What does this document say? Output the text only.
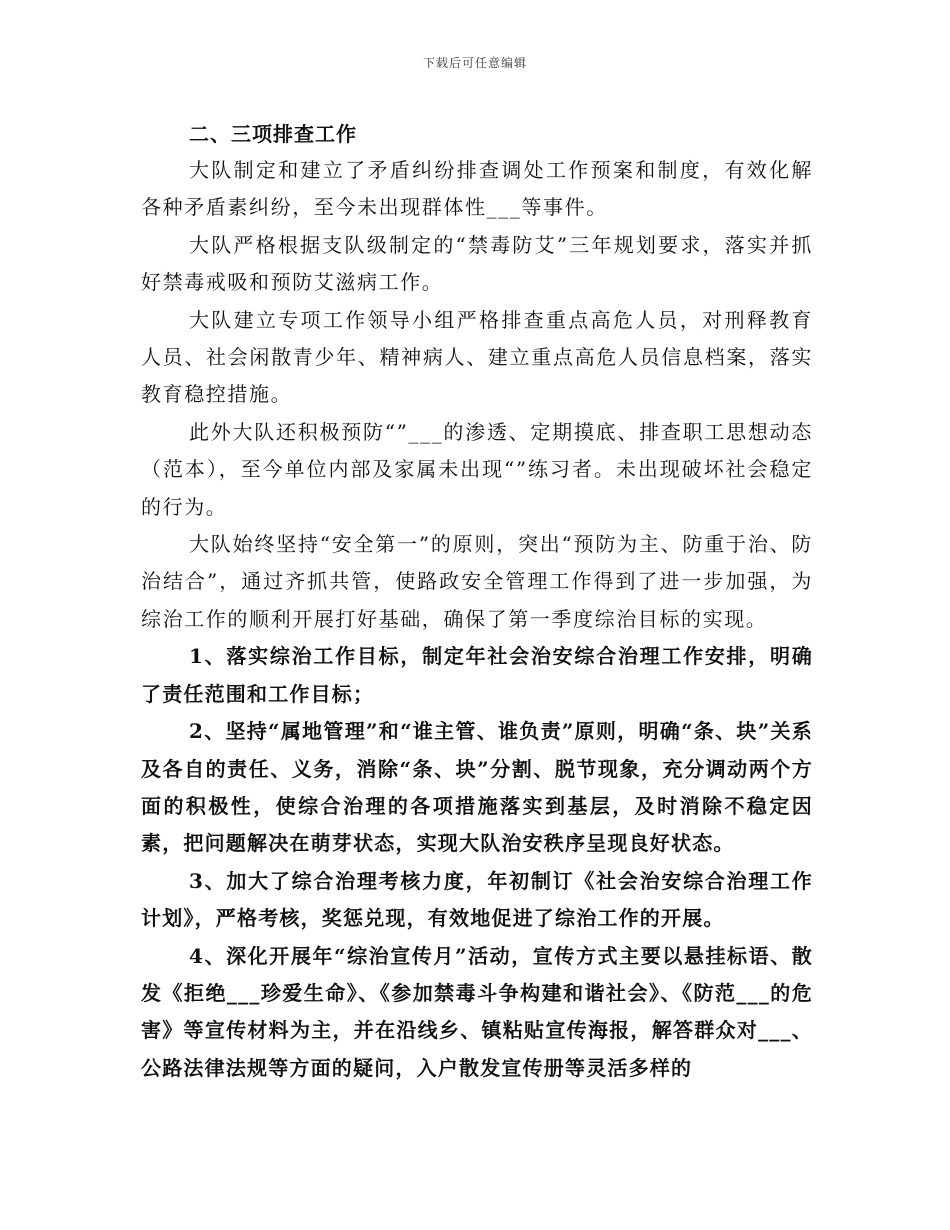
下载后可任意编辑
二、三项排查工作
大队制定和建立了矛盾纠纷排查调处工作预案和制度，有效化解各种矛盾素纠纷，至今未出现群体性___等事件。
大队严格根据支队级制定的“禁毒防艾”三年规划要求，落实并抓好禁毒戒吸和预防艾滋病工作。
大队建立专项工作领导小组严格排查重点高危人员，对刑释教育人员、社会闲散青少年、精神病人、建立重点高危人员信息档案，落实教育稳控措施。
此外大队还积极预防“”___的渗透、定期摸底、排查职工思想动态（范本），至今单位内部及家属未出现“”练习者。未出现破坏社会稳定的行为。
大队始终坚持“安全第一”的原则，突出“预防为主、防重于治、防治结合”，通过齐抓共管，使路政安全管理工作得到了进一步加强，为综治工作的顺利开展打好基础，确保了第一季度综治目标的实现。
1、落实综治工作目标，制定年社会治安综合治理工作安排，明确了责任范围和工作目标；
2、坚持“属地管理”和“谁主管、谁负责”原则，明确“条、块”关系及各自的责任、义务，消除“条、块”分割、脱节现象，充分调动两个方面的积极性，使综合治理的各项措施落实到基层，及时消除不稳定因素，把问题解决在萌芽状态，实现大队治安秩序呈现良好状态。
3、加大了综合治理考核力度，年初制订《社会治安综合治理工作计划》，严格考核，奖惩兑现，有效地促进了综治工作的开展。
4、深化开展年“综治宣传月”活动，宣传方式主要以悬挂标语、散发《拒绝___珍爱生命》、《参加禁毒斗争构建和谐社会》、《防范___的危害》等宣传材料为主，并在沿线乡、镇粘贴宣传海报，解答群众对___、公路法律法规等方面的疑问，入户散发宣传册等灵活多样的
